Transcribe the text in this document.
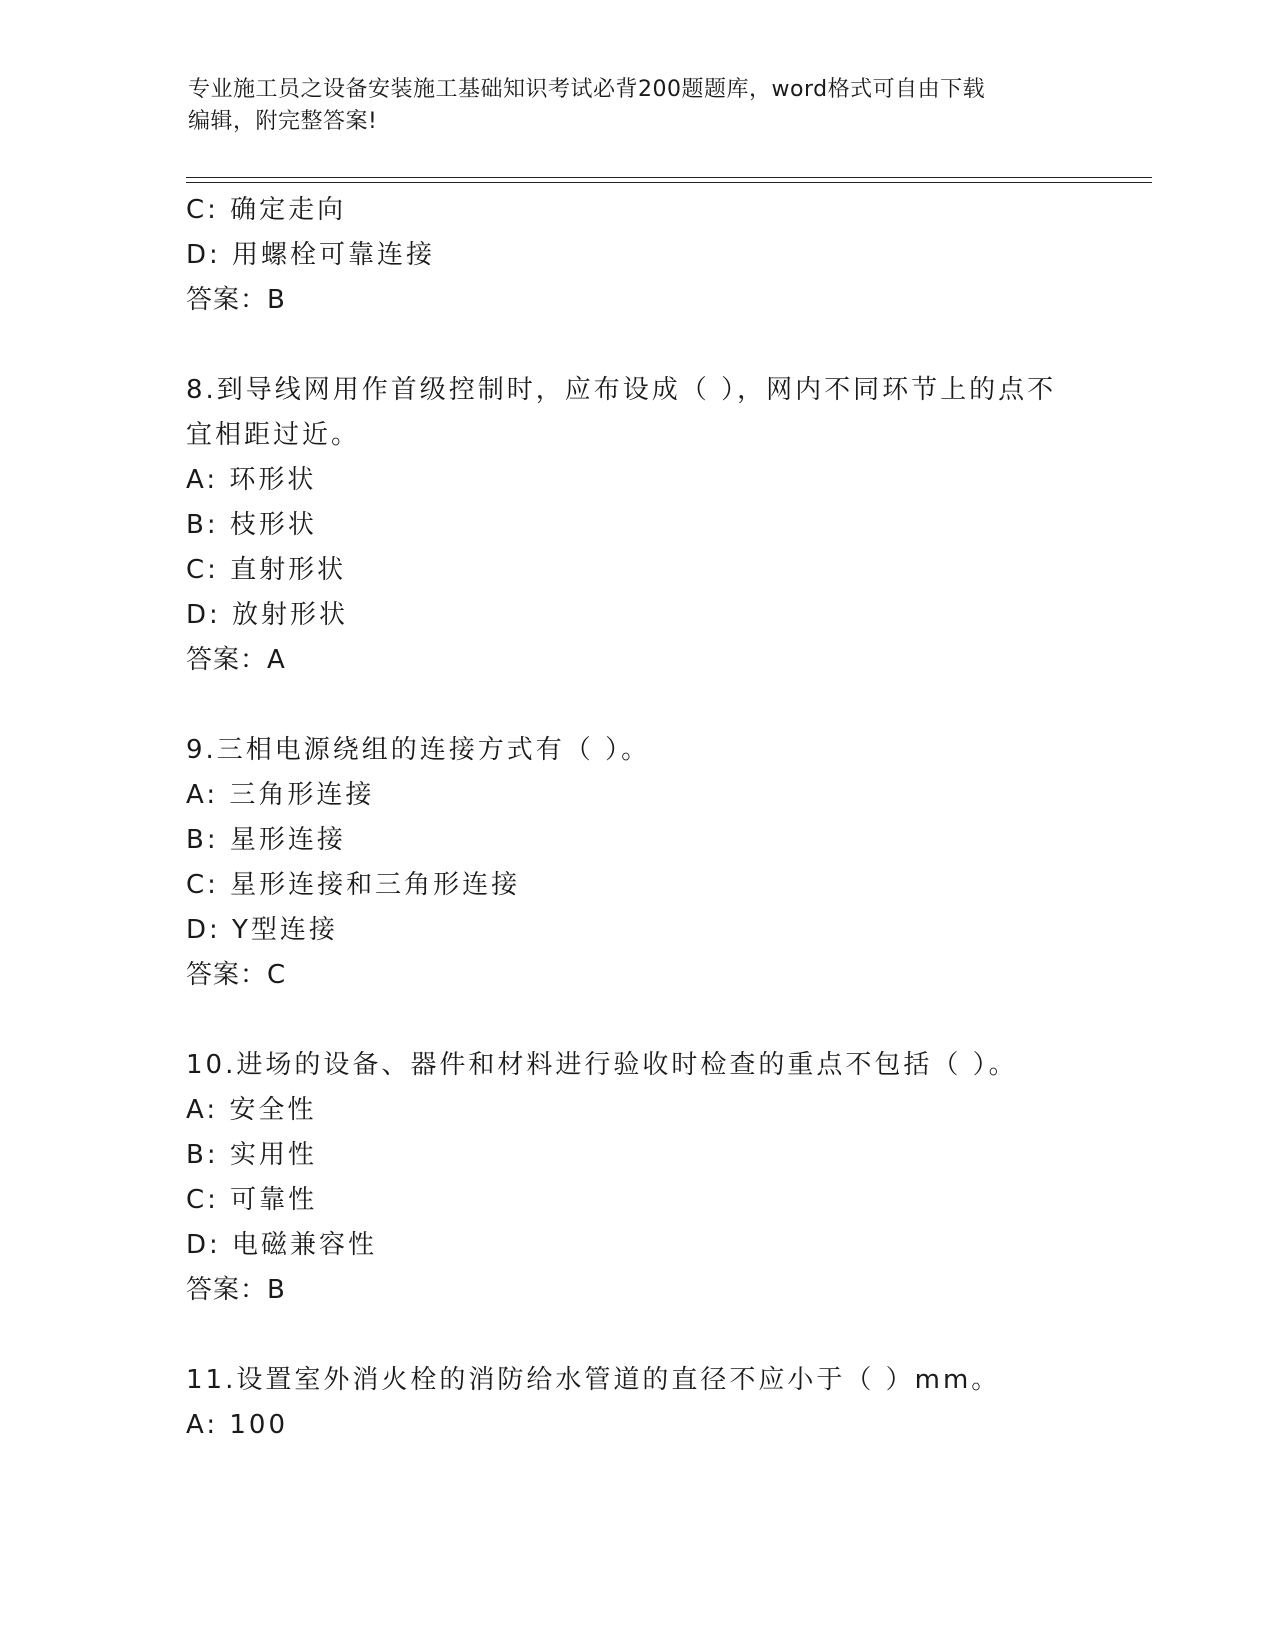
专业施工员之设备安装施工基础知识考试必背200题题库，word格式可自由下载
编辑，附完整答案!
C: 确定走向
D: 用螺栓可靠连接
答案：B
8.到导线网用作首级控制时，应布设成（ ），网内不同环节上的点不
宜相距过近。
A: 环形状
B: 枝形状
C: 直射形状
D: 放射形状
答案：A
9.三相电源绕组的连接方式有（ ）。
A: 三角形连接
B: 星形连接
C: 星形连接和三角形连接
D: Y型连接
答案：C
10.进场的设备、器件和材料进行验收时检查的重点不包括（ ）。
A: 安全性
B: 实用性
C: 可靠性
D: 电磁兼容性
答案：B
11.设置室外消火栓的消防给水管道的直径不应小于（ ）mm。
A: 100
